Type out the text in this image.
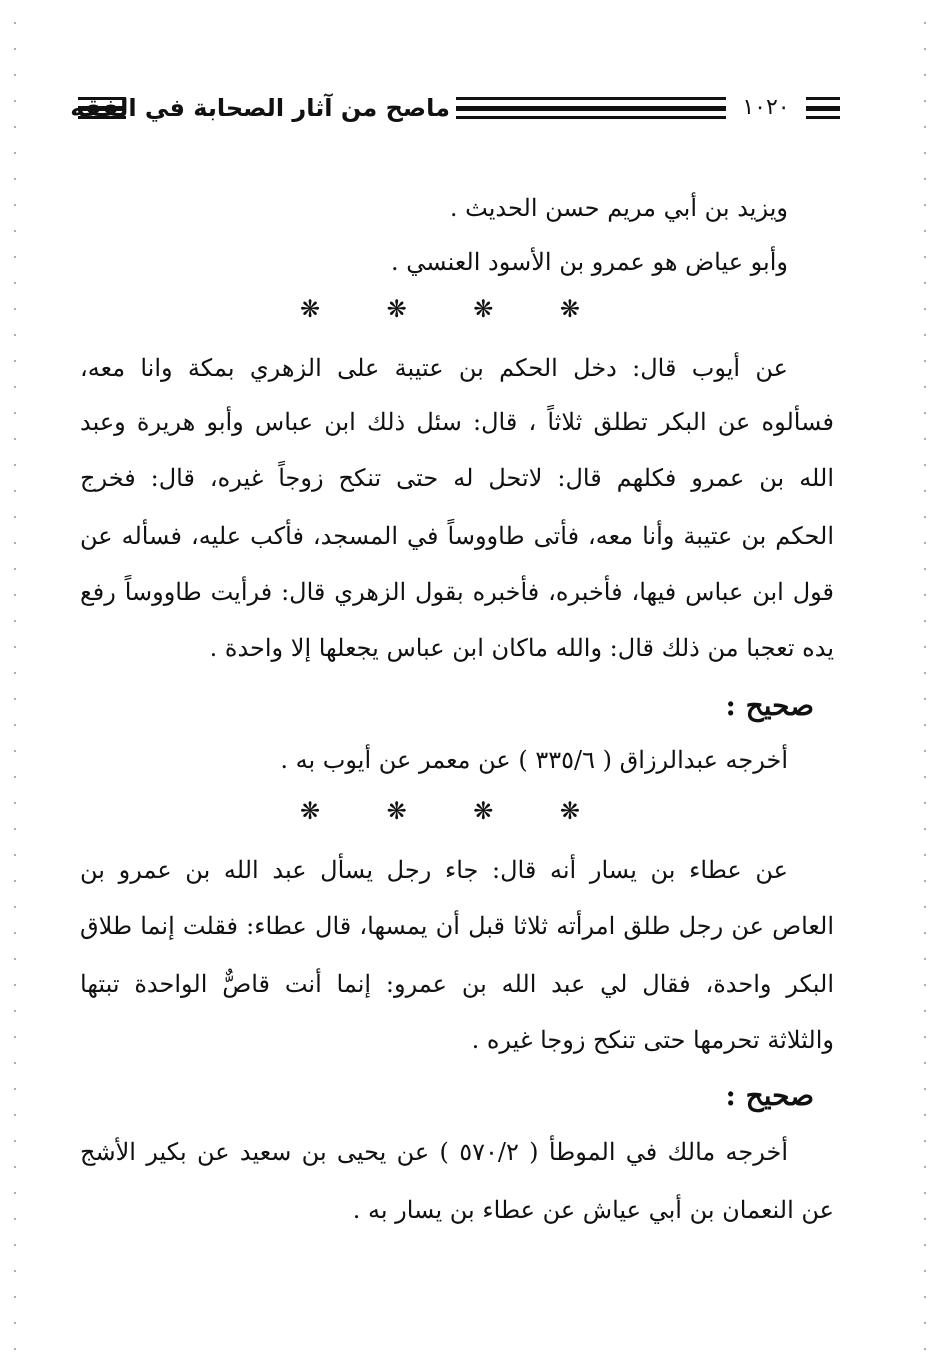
ماصح من آثار الصحابة في الفقه	١٠٢٠
ويزيد بن أبي مريم حسن الحديث .
وأبو عياض هو عمرو بن الأسود العنسي .
❋	❋	❋	❋
عن أيوب قال: دخل الحكم بن عتيبة على الزهري بمكة وانا معه،
فسألوه عن البكر تطلق ثلاثاً ، قال: سئل ذلك ابن عباس وأبو هريرة وعبد
الله بن عمرو فكلهم قال: لاتحل له حتى تنكح زوجاً غيره، قال: فخرج
الحكم بن عتيبة وأنا معه، فأتى طاووساً في المسجد، فأكب عليه، فسأله عن
قول ابن عباس فيها، فأخبره، فأخبره بقول الزهري قال: فرأيت طاووساً رفع
يده تعجبا من ذلك قال: والله ماكان ابن عباس يجعلها إلا واحدة .
صحيح :
أخرجه عبدالرزاق ( ٣٣٥/٦ ) عن معمر عن أيوب به .
❋	❋	❋	❋
عن عطاء بن يسار أنه قال: جاء رجل يسأل عبد الله بن عمرو بن
العاص عن رجل طلق امرأته ثلاثا قبل أن يمسها، قال عطاء: فقلت إنما طلاق
البكر واحدة، فقال لي عبد الله بن عمرو: إنما أنت قاصٌّ الواحدة تبتها
والثلاثة تحرمها حتى تنكح زوجا غيره .
صحيح :
أخرجه مالك في الموطأ ( ٥٧٠/٢ ) عن يحيى بن سعيد عن بكير الأشج
عن النعمان بن أبي عياش عن عطاء بن يسار به .
